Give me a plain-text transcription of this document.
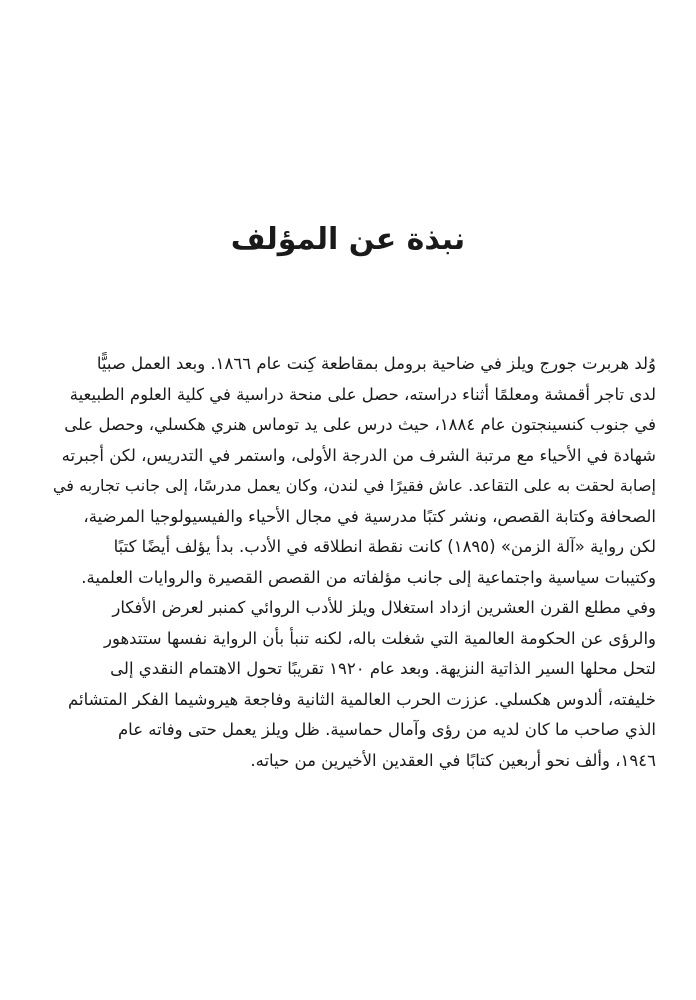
نبذة عن المؤلف
وُلد هربرت جورج ويلز في ضاحية برومل بمقاطعة كِنت عام ١٨٦٦. وبعد العمل صبيًّا
لدى تاجر أقمشة ومعلمًا أثناء دراسته، حصل على منحة دراسية في كلية العلوم الطبيعية
في جنوب كنسينجتون عام ١٨٨٤، حيث درس على يد توماس هنري هكسلي، وحصل على
شهادة في الأحياء مع مرتبة الشرف من الدرجة الأولى، واستمر في التدريس، لكن أجبرته
إصابة لحقت به على التقاعد. عاش فقيرًا في لندن، وكان يعمل مدرسًا، إلى جانب تجاربه في
الصحافة وكتابة القصص، ونشر كتبًا مدرسية في مجال الأحياء والفيسيولوجيا المرضية،
لكن رواية «آلة الزمن» (١٨٩٥) كانت نقطة انطلاقه في الأدب. بدأ يؤلف أيضًا كتبًا
وكتيبات سياسية واجتماعية إلى جانب مؤلفاته من القصص القصيرة والروايات العلمية.
وفي مطلع القرن العشرين ازداد استغلال ويلز للأدب الروائي كمنبر لعرض الأفكار
والرؤى عن الحكومة العالمية التي شغلت باله، لكنه تنبأ بأن الرواية نفسها ستتدهور
لتحل محلها السير الذاتية النزيهة. وبعد عام ١٩٢٠ تقريبًا تحول الاهتمام النقدي إلى
خليفته، ألدوس هكسلي. عززت الحرب العالمية الثانية وفاجعة هيروشيما الفكر المتشائم
الذي صاحب ما كان لديه من رؤى وآمال حماسية. ظل ويلز يعمل حتى وفاته عام
١٩٤٦، وألف نحو أربعين كتابًا في العقدين الأخيرين من حياته.
